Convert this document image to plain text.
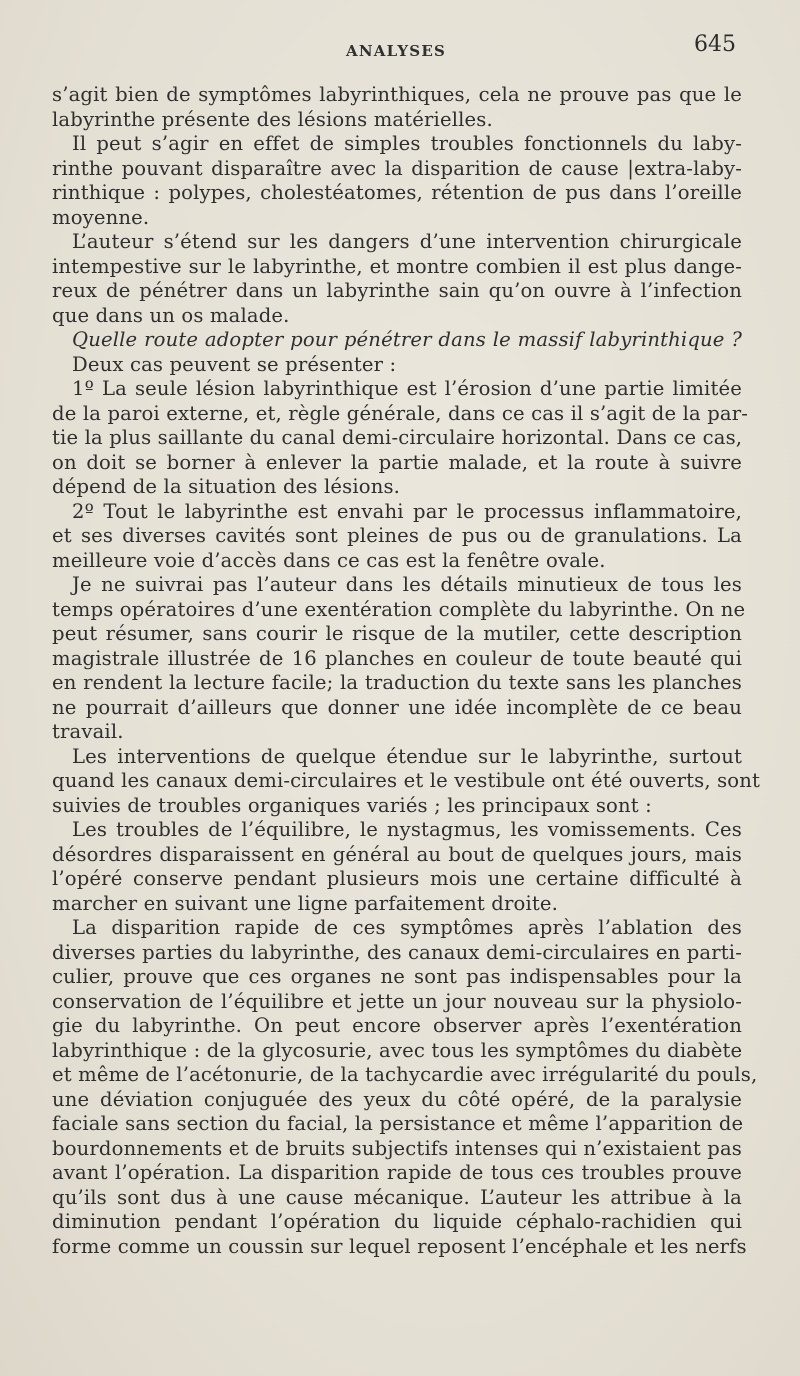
ANALYSES	645
s’agit bien de symptômes labyrinthiques, cela ne prouve pas que le
labyrinthe présente des lésions matérielles.
Il peut s’agir en effet de simples troubles fonctionnels du laby-
rinthe pouvant disparaître avec la disparition de cause |extra-laby-
rinthique : polypes, cholestéatomes, rétention de pus dans l’oreille
moyenne.
L’auteur s’étend sur les dangers d’une intervention chirurgicale
intempestive sur le labyrinthe, et montre combien il est plus dange-
reux de pénétrer dans un labyrinthe sain qu’on ouvre à l’infection
que dans un os malade.
Quelle route adopter pour pénétrer dans le massif labyrinthique ?
Deux cas peuvent se présenter :
1º La seule lésion labyrinthique est l’érosion d’une partie limitée
de la paroi externe, et, règle générale, dans ce cas il s’agit de la par-
tie la plus saillante du canal demi-circulaire horizontal. Dans ce cas,
on doit se borner à enlever la partie malade, et la route à suivre
dépend de la situation des lésions.
2º Tout le labyrinthe est envahi par le processus inflammatoire,
et ses diverses cavités sont pleines de pus ou de granulations. La
meilleure voie d’accès dans ce cas est la fenêtre ovale.
Je ne suivrai pas l’auteur dans les détails minutieux de tous les
temps opératoires d’une exentération complète du labyrinthe. On ne
peut résumer, sans courir le risque de la mutiler, cette description
magistrale illustrée de 16 planches en couleur de toute beauté qui
en rendent la lecture facile; la traduction du texte sans les planches
ne pourrait d’ailleurs que donner une idée incomplète de ce beau
travail.
Les interventions de quelque étendue sur le labyrinthe, surtout
quand les canaux demi-circulaires et le vestibule ont été ouverts, sont
suivies de troubles organiques variés ; les principaux sont :
Les troubles de l’équilibre, le nystagmus, les vomissements. Ces
désordres disparaissent en général au bout de quelques jours, mais
l’opéré conserve pendant plusieurs mois une certaine difficulté à
marcher en suivant une ligne parfaitement droite.
La disparition rapide de ces symptômes après l’ablation des
diverses parties du labyrinthe, des canaux demi-circulaires en parti-
culier, prouve que ces organes ne sont pas indispensables pour la
conservation de l’équilibre et jette un jour nouveau sur la physiolo-
gie du labyrinthe. On peut encore observer après l’exentération
labyrinthique : de la glycosurie, avec tous les symptômes du diabète
et même de l’acétonurie, de la tachycardie avec irrégularité du pouls,
une déviation conjuguée des yeux du côté opéré, de la paralysie
faciale sans section du facial, la persistance et même l’apparition de
bourdonnements et de bruits subjectifs intenses qui n’existaient pas
avant l’opération. La disparition rapide de tous ces troubles prouve
qu’ils sont dus à une cause mécanique. L’auteur les attribue à la
diminution pendant l’opération du liquide céphalo-rachidien qui
forme comme un coussin sur lequel reposent l’encéphale et les nerfs
